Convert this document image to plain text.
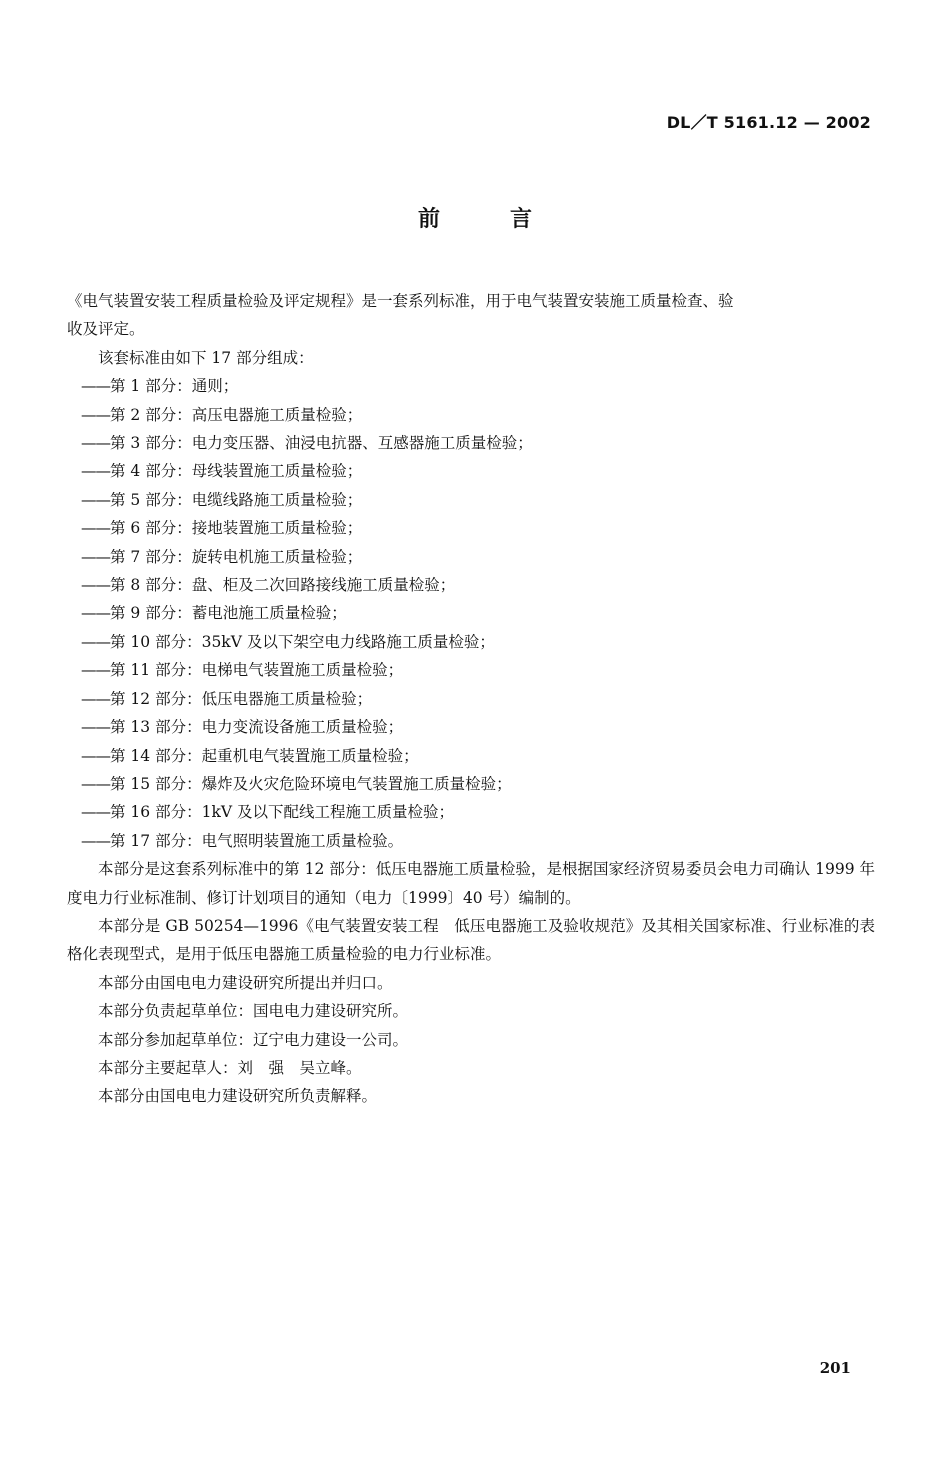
DL／T 5161.12 — 2002
前言

《电气装置安装工程质量检验及评定规程》是一套系列标准，用于电气装置安装施工质量检查、验

收及评定。

该套标准由如下 17 部分组成：

——第 1 部分：通则；
——第 2 部分：高压电器施工质量检验；
——第 3 部分：电力变压器、油浸电抗器、互感器施工质量检验；
——第 4 部分：母线装置施工质量检验；
——第 5 部分：电缆线路施工质量检验；
——第 6 部分：接地装置施工质量检验；
——第 7 部分：旋转电机施工质量检验；
——第 8 部分：盘、柜及二次回路接线施工质量检验；
——第 9 部分：蓄电池施工质量检验；
——第 10 部分：35kV 及以下架空电力线路施工质量检验；
——第 11 部分：电梯电气装置施工质量检验；
——第 12 部分：低压电器施工质量检验；
——第 13 部分：电力变流设备施工质量检验；
——第 14 部分：起重机电气装置施工质量检验；
——第 15 部分：爆炸及火灾危险环境电气装置施工质量检验；
——第 16 部分：1kV 及以下配线工程施工质量检验；
——第 17 部分：电气照明装置施工质量检验。

本部分是这套系列标准中的第 12 部分：低压电器施工质量检验，是根据国家经济贸易委员会电力司确认 1999 年度电力行业标准制、修订计划项目的通知（电力〔1999〕40 号）编制的。

本部分是 GB 50254—1996《电气装置安装工程　低压电器施工及验收规范》及其相关国家标准、行业标准的表格化表现型式，是用于低压电器施工质量检验的电力行业标准。

本部分由国电电力建设研究所提出并归口。

本部分负责起草单位：国电电力建设研究所。

本部分参加起草单位：辽宁电力建设一公司。

本部分主要起草人：刘　强　吴立峰。

本部分由国电电力建设研究所负责解释。

201
